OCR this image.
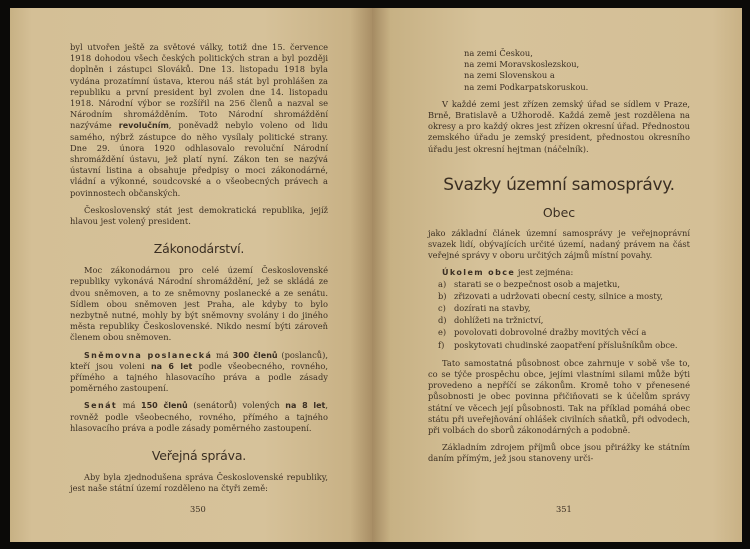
byl utvořen ještě za světové války, totiž dne 15. července 1918 dohodou všech českých politických stran a byl později doplněn i zástupci Slováků. Dne 13. listopadu 1918 byla vydána prozatímní ústava, kterou náš stát byl prohlášen za republiku a první president byl zvolen dne 14. listopadu 1918. Národní výbor se rozšířil na 256 členů a nazval se Národním shromážděním. Toto Národní shromáždění nazýváme revolučním, poněvadž nebylo voleno od lidu samého, nýbrž zástupce do něho vysílaly politické strany. Dne 29. února 1920 odhlasovalo revoluční Národní shromáždění ústavu, jež platí nyní. Zákon ten se nazývá ústavní listina a obsahuje předpisy o moci zákonodárné, vládní a výkonné, soudcovské a o všeobecných právech a povinnostech občanských.

Československý stát jest demokratická republika, jejíž hlavou jest volený president.

Zákonodárství.

Moc zákonodárnou pro celé území Československé republiky vykonává Národní shromáždění, jež se skládá ze dvou sněmoven, a to ze sněmovny poslanecké a ze senátu. Sídlem obou sněmoven jest Praha, ale kdyby to bylo nezbytně nutné, mohly by být sněmovny svolány i do jiného města republiky Československé. Nikdo nesmí býti zároveň členem obou sněmoven.

Sněmovna poslanecká má 300 členů (poslanců), kteří jsou voleni na 6 let podle všeobecného, rovného, přímého a tajného hlasovacího práva a podle zásady poměrného zastoupení.

Senát má 150 členů (senátorů) volených na 8 let, rovněž podle všeobecného, rovného, přímého a tajného hlasovacího práva a podle zásady poměrného zastoupení.

Veřejná správa.

Aby byla zjednodušena správa Československé republiky, jest naše státní území rozděleno na čtyři země:

350
na zemi Českou,
na zemi Moravskoslezskou,
na zemi Slovenskou a
na zemi Podkarpatskoruskou.

V každé zemi jest zřízen zemský úřad se sídlem v Praze, Brně, Bratislavě a Užhorodě. Každá země jest rozdělena na okresy a pro každý okres jest zřízen okresní úřad. Přednostou zemského úřadu je zemský president, přednostou okresního úřadu jest okresní hejtman (náčelník).

Svazky územní samosprávy.
Obec

jako základní článek územní samosprávy je veřejnoprávní svazek lidí, obývajících určité území, nadaný právem na část veřejné správy v oboru určitých zájmů místní povahy.

Úkolem obce jest zejména:

a) starati se o bezpečnost osob a majetku,
b) zřizovati a udržovati obecní cesty, silnice a mosty,
c) dozírati na stavby,
d) dohlížeti na tržnictví,
e) povolovati dobrovolné dražby movitých věcí a
f)	poskytovati chudinské zaopatření příslušníkům obce.

Tato samostatná působnost obce zahrnuje v sobě vše to, co se týče prospěchu obce, jejími vlastními silami může býti provedeno a nepříčí se zákonům. Kromě toho v přenesené působnosti je obec povinna přičiňovati se k účelům správy státní ve věcech její působnosti. Tak na příklad pomáhá obec státu při uveřejňování ohlášek civilních sňatků, při odvodech, při volbách do sborů zákonodárných a podobně.

Základním zdrojem příjmů obce jsou přirážky ke státním daním přímým, jež jsou stanoveny urči-

351
